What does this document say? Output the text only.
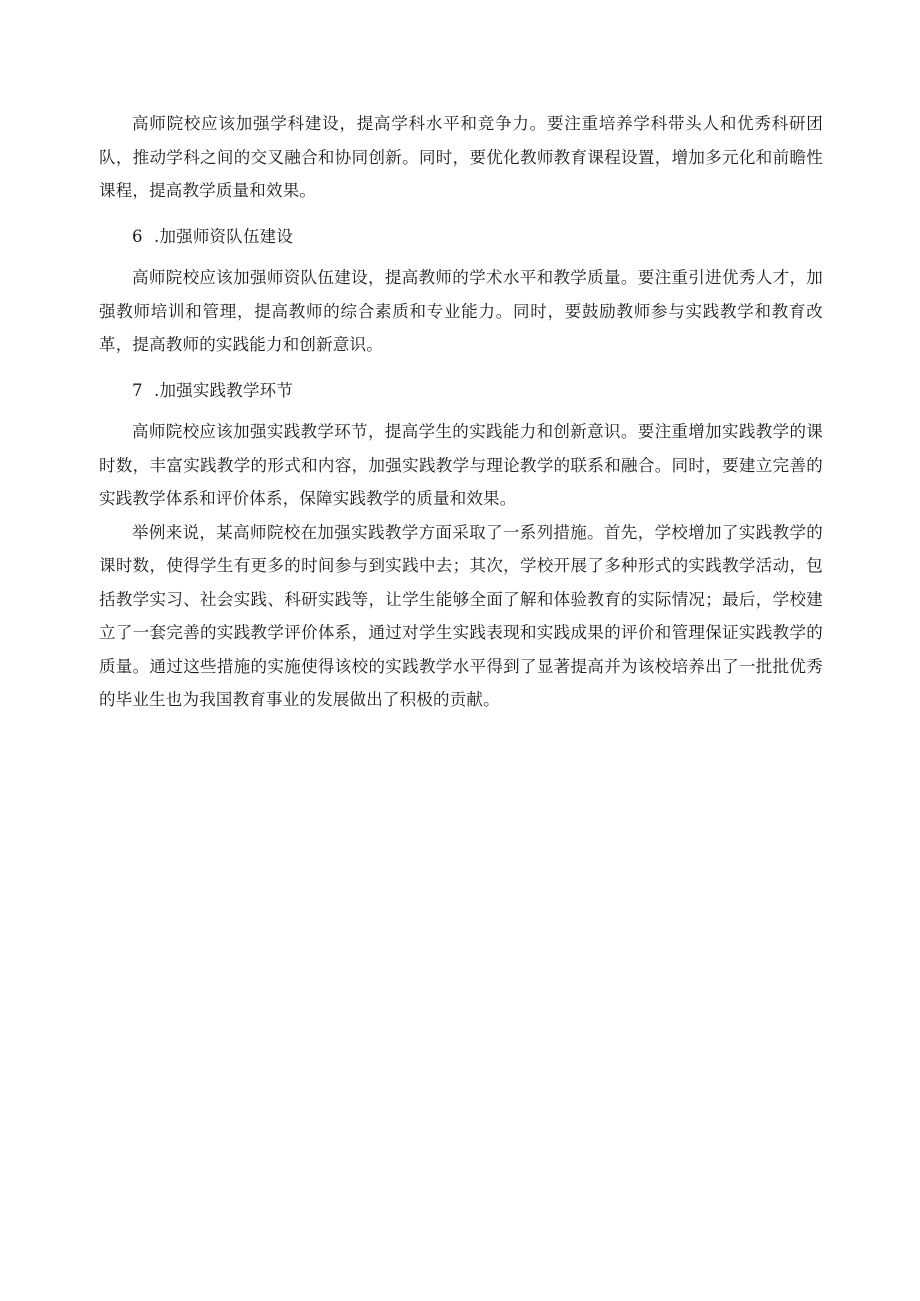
高师院校应该加强学科建设，提高学科水平和竞争力。要注重培养学科带头人和优秀科研团队，推动学科之间的交叉融合和协同创新。同时，要优化教师教育课程设置，增加多元化和前瞻性课程，提高教学质量和效果。

6 .加强师资队伍建设

高师院校应该加强师资队伍建设，提高教师的学术水平和教学质量。要注重引进优秀人才，加强教师培训和管理，提高教师的综合素质和专业能力。同时，要鼓励教师参与实践教学和教育改革，提高教师的实践能力和创新意识。

7 .加强实践教学环节

高师院校应该加强实践教学环节，提高学生的实践能力和创新意识。要注重增加实践教学的课时数，丰富实践教学的形式和内容，加强实践教学与理论教学的联系和融合。同时，要建立完善的实践教学体系和评价体系，保障实践教学的质量和效果。

举例来说，某高师院校在加强实践教学方面采取了一系列措施。首先，学校增加了实践教学的课时数，使得学生有更多的时间参与到实践中去；其次，学校开展了多种形式的实践教学活动，包括教学实习、社会实践、科研实践等，让学生能够全面了解和体验教育的实际情况；最后，学校建立了一套完善的实践教学评价体系，通过对学生实践表现和实践成果的评价和管理保证实践教学的质量。通过这些措施的实施使得该校的实践教学水平得到了显著提高并为该校培养出了一批批优秀的毕业生也为我国教育事业的发展做出了积极的贡献。
